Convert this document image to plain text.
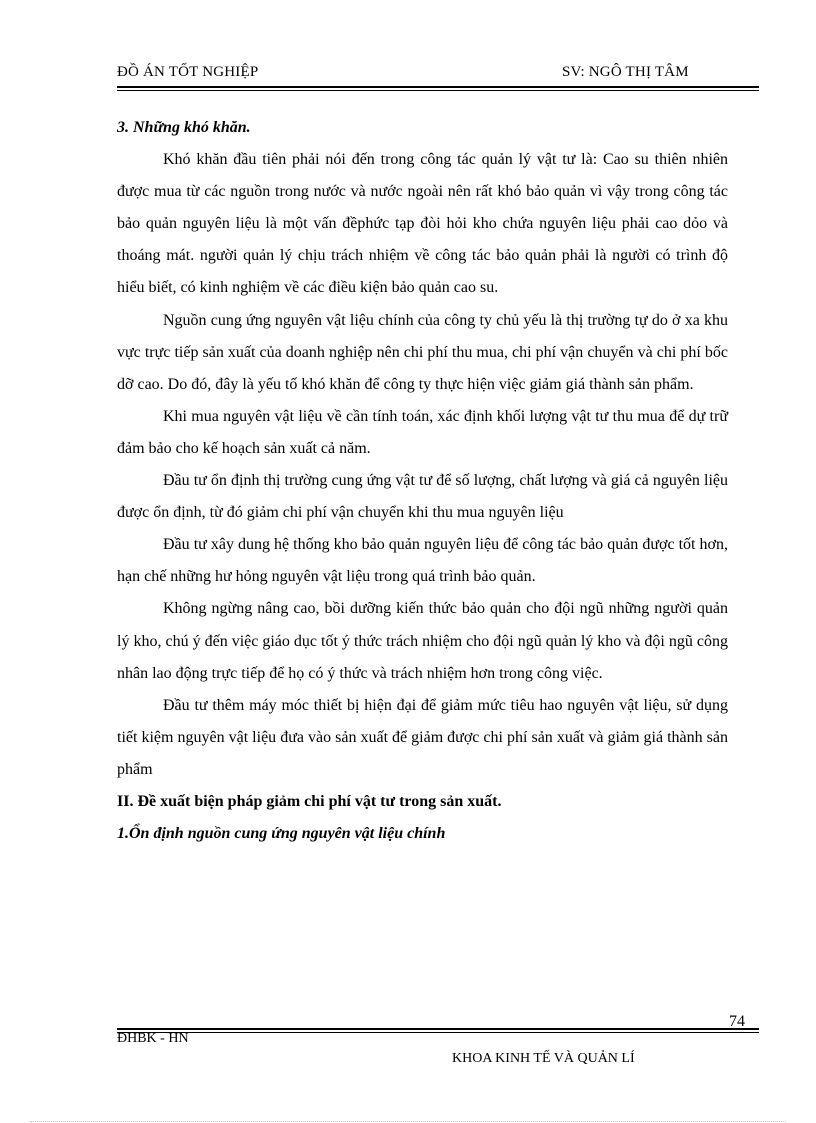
ĐỒ ÁN TỐT NGHIỆP	SV: NGÔ THỊ TÂM

3. Những khó khăn.

Khó khăn đầu tiên phải nói đến trong công tác quản lý vật tư là: Cao su thiên nhiên được mua từ các nguồn trong nước và nước ngoài nên rất khó bảo quản vì vậy trong công tác bảo quản nguyên liệu là một vấn đềphức tạp đòi hỏi kho chứa nguyên liệu phải cao dỏo và thoáng mát. người quản lý chịu trách nhiệm về công tác bảo quản phải là người có trình độ hiểu biết, có kinh nghiệm về các điều kiện bảo quản cao su.

Nguồn cung ứng nguyên vật liệu chính của công ty chủ yếu là thị trường tự do ở xa khu vực trực tiếp sản xuất của doanh nghiệp nên chi phí thu mua, chi phí vận chuyển và chi phí bốc dỡ cao. Do đó, đây là yếu tố khó khăn để công ty thực hiện việc giảm giá thành sản phẩm.

Khi mua nguyên vật liệu về cần tính toán, xác định khối lượng vật tư thu mua để dự trữ đảm bảo cho kế hoạch sản xuất cả năm.

Đầu tư ổn định thị trường cung ứng vật tư để số lượng, chất lượng và giá cả nguyên liệu được ổn định, từ đó giảm chi phí vận chuyển khi thu mua nguyên liệu

Đầu tư xây dung hệ thống kho bảo quản nguyên liệu để công tác bảo quản được tốt hơn, hạn chế những hư hỏng nguyên vật liệu trong quá trình bảo quản.

Không ngừng nâng cao, bồi dưỡng kiến thức bảo quản cho đội ngũ những người quản lý kho, chú ý đến việc giáo dục tốt ý thức trách nhiệm cho đội ngũ quản lý kho và đội ngũ công nhân lao động trực tiếp để họ có ý thức và trách nhiệm hơn trong công việc.

Đầu tư thêm máy móc thiết bị hiện đại để giảm mức tiêu hao nguyên vật liệu, sử dụng tiết kiệm nguyên vật liệu đưa vào sản xuất để giảm được chi phí sản xuất và giảm giá thành sản phẩm

II. Đề xuất biện pháp giảm chi phí vật tư trong sản xuất.

1.Ổn định nguồn cung ứng nguyên vật liệu chính

74
ĐHBK - HN
KHOA KINH TẾ VÀ QUẢN LÍ
